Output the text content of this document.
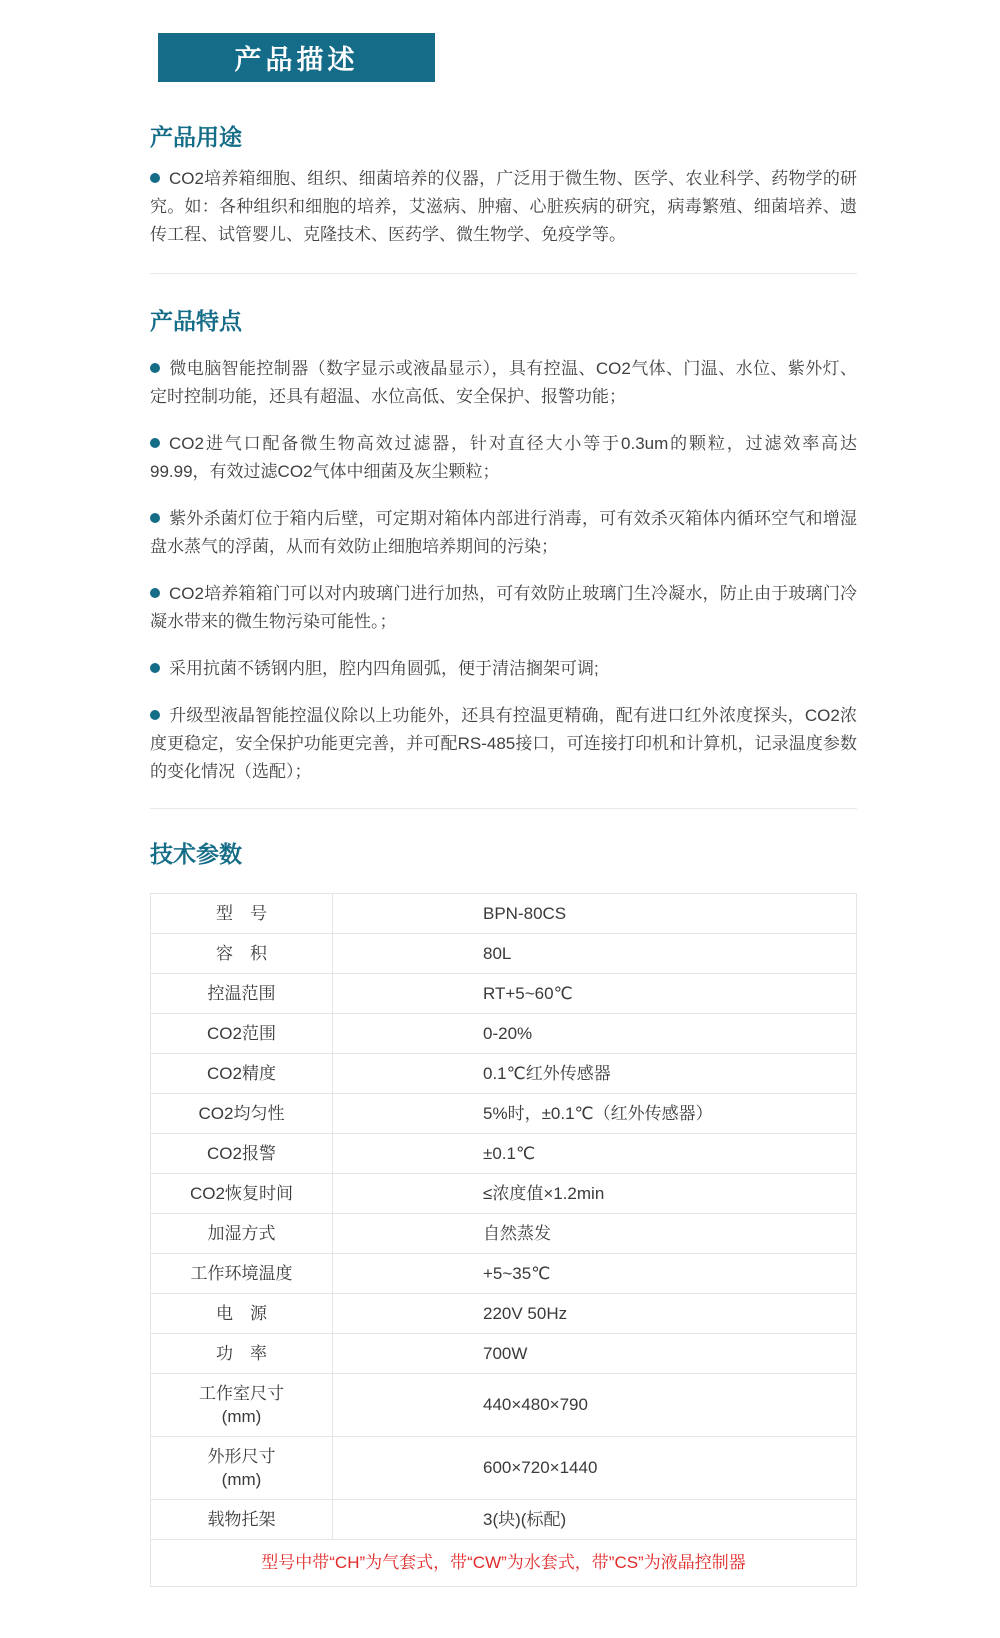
产品描述
产品用途

CO2培养箱细胞、组织、细菌培养的仪器，广泛用于微生物、医学、农业科学、药物学的研究。如：各种组织和细胞的培养，艾滋病、肿瘤、心脏疾病的研究，病毒繁殖、细菌培养、遗传工程、试管婴儿、克隆技术、医药学、微生物学、免疫学等。

产品特点

微电脑智能控制器（数字显示或液晶显示），具有控温、CO2气体、门温、水位、紫外灯、定时控制功能，还具有超温、水位高低、安全保护、报警功能；

CO2进气口配备微生物高效过滤器，针对直径大小等于0.3um的颗粒，过滤效率高达 99.99，有效过滤CO2气体中细菌及灰尘颗粒；

紫外杀菌灯位于箱内后壁，可定期对箱体内部进行消毒，可有效杀灭箱体内循环空气和增湿盘水蒸气的浮菌，从而有效防止细胞培养期间的污染；

CO2培养箱箱门可以对内玻璃门进行加热，可有效防止玻璃门生冷凝水，防止由于玻璃门冷凝水带来的微生物污染可能性。；

采用抗菌不锈钢内胆，腔内四角圆弧，便于清洁搁架可调;

升级型液晶智能控温仪除以上功能外，还具有控温更精确，配有进口红外浓度探头，CO2浓度更稳定，安全保护功能更完善，并可配RS-485接口，可连接打印机和计算机，记录温度参数的变化情况（选配）；

技术参数
型　号	BPN-80CS

容　积	80L

控温范围	RT+5~60℃

CO2范围	0-20%

CO2精度	0.1℃红外传感器

CO2均匀性	5%时，±0.1℃（红外传感器）

CO2报警	±0.1℃

CO2恢复时间	≤浓度值×1.2min

加湿方式	自然蒸发

工作环境温度	+5~35℃

电　源	220V 50Hz

功　率	700W

工作室尺寸
(mm)	440×480×790

外形尺寸
(mm)	600×720×1440

载物托架	3(块)(标配)
型号中带“CH”为气套式，带“CW”为水套式，带”CS”为液晶控制器	
